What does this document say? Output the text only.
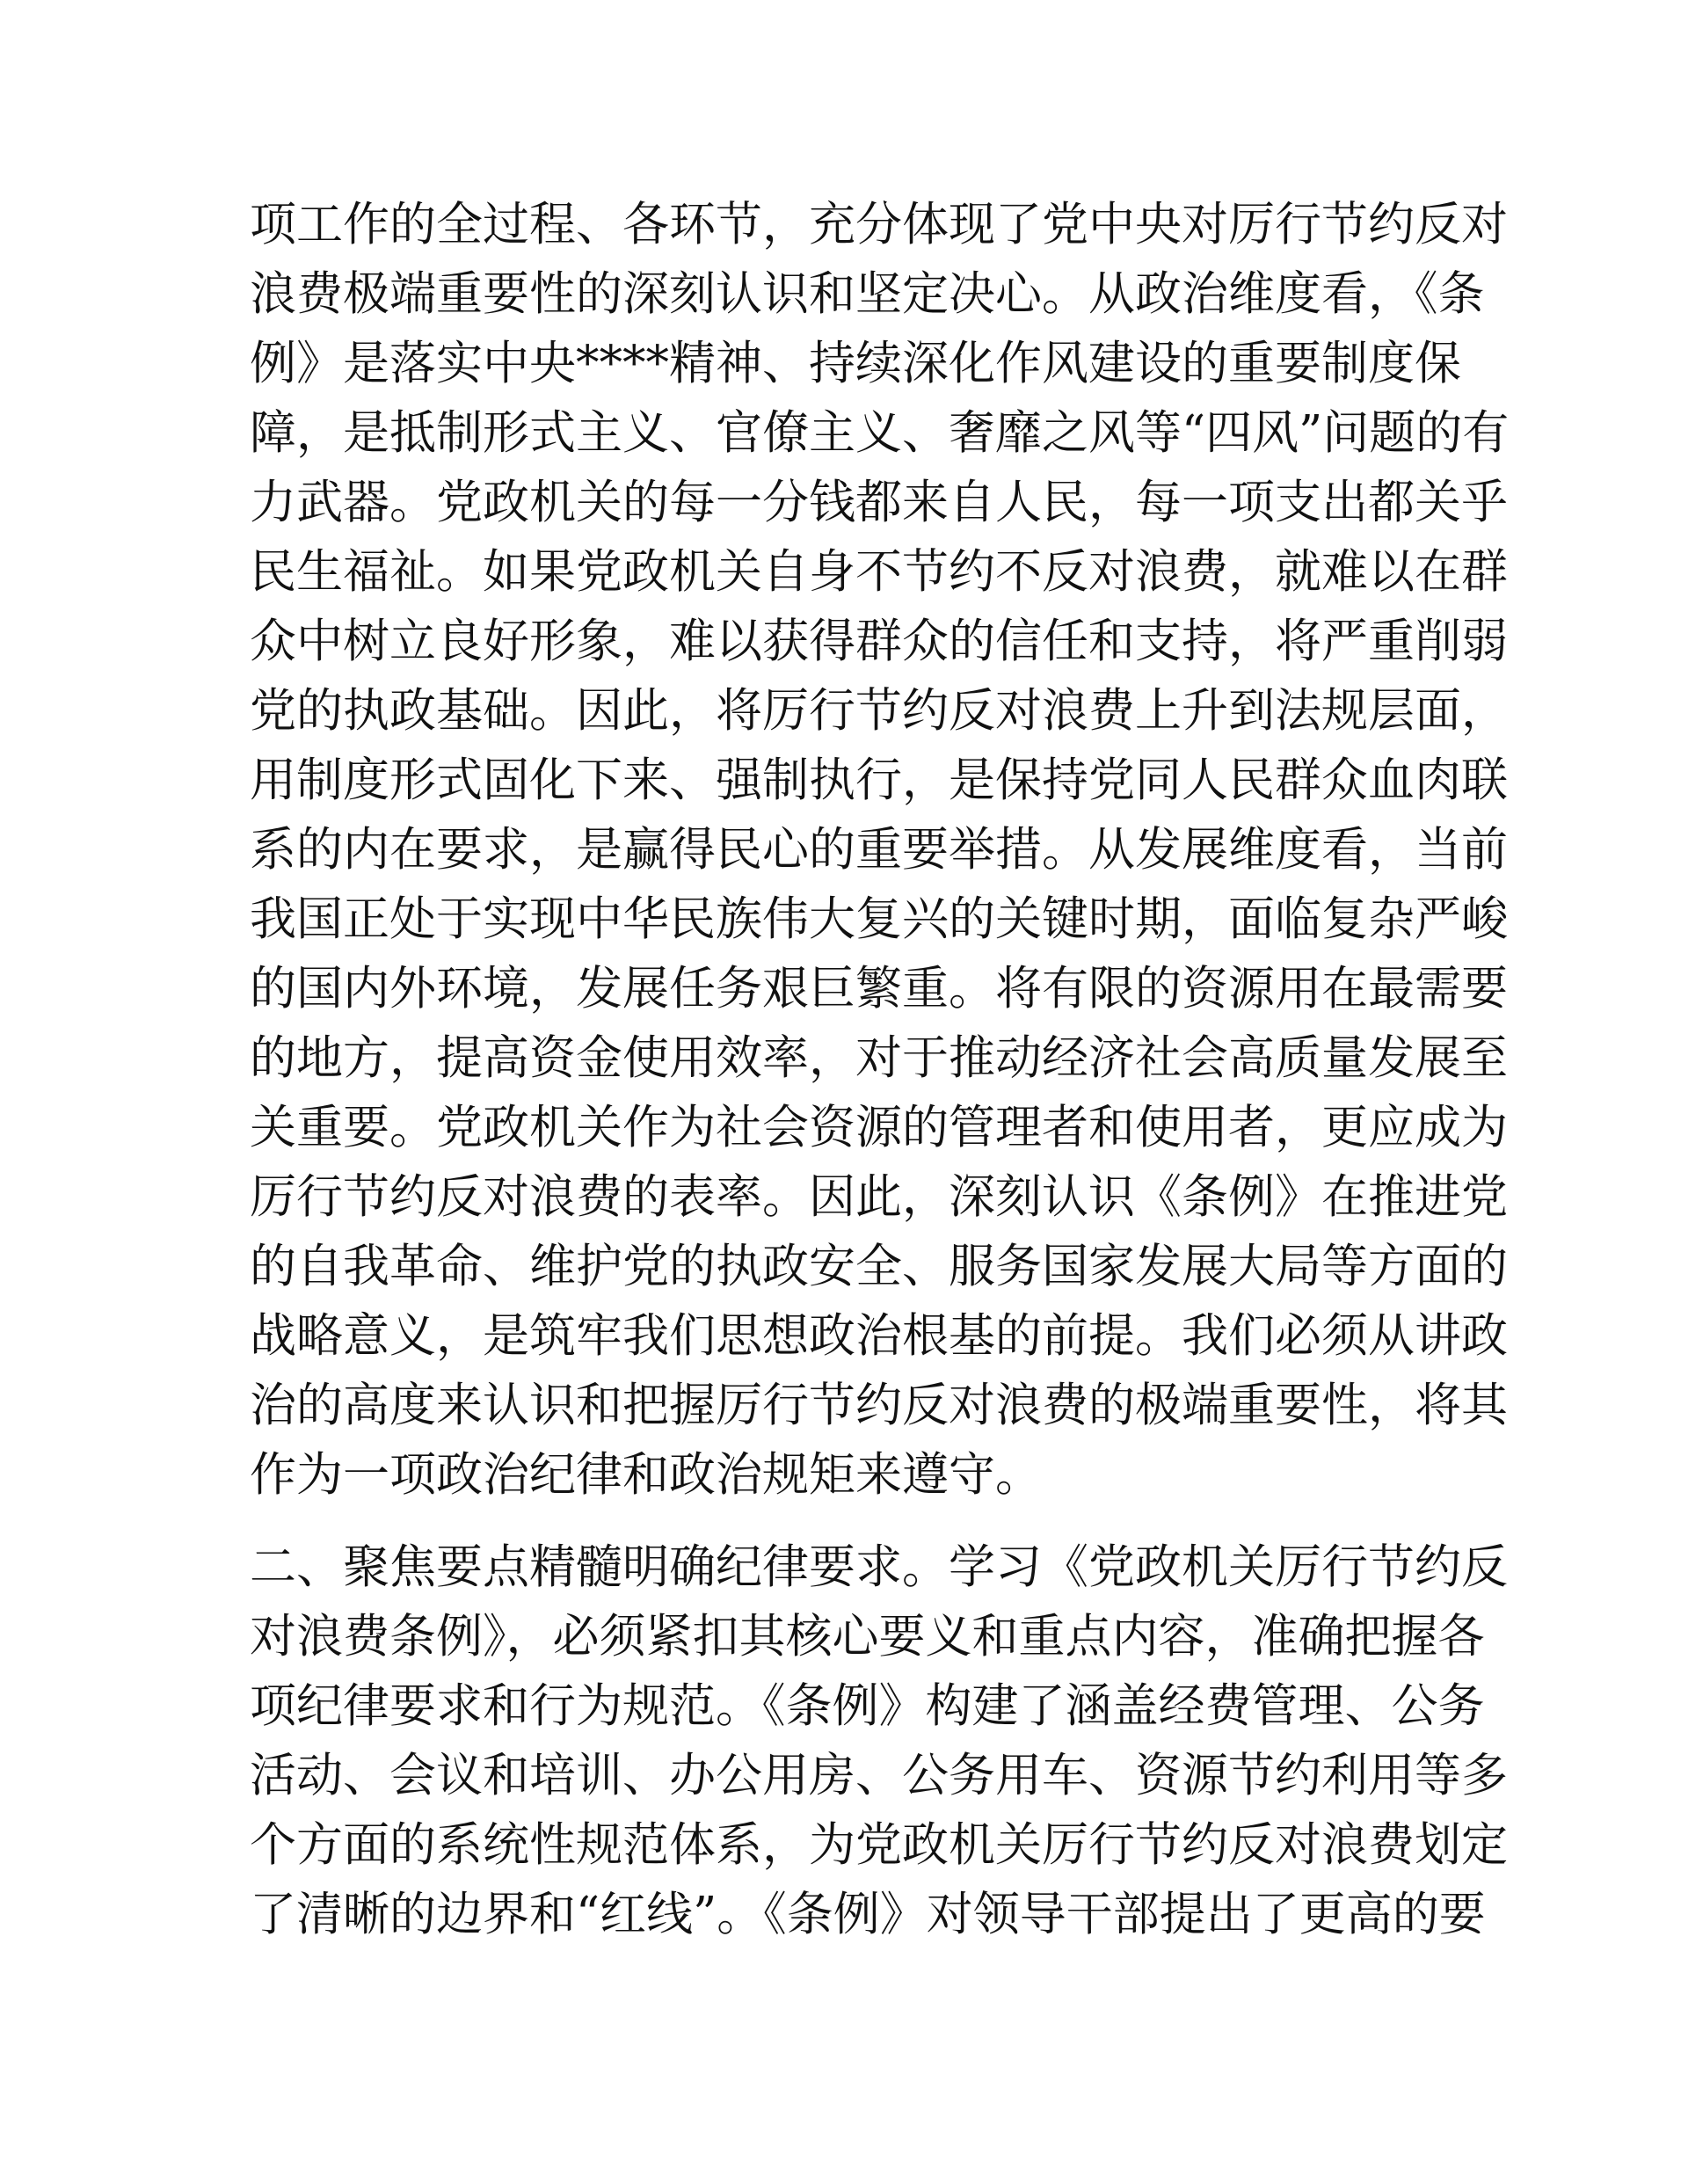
项工作的全过程、各环节，充分体现了党中央对厉行节约反对
浪费极端重要性的深刻认识和坚定决心。从政治维度看，《条
例》是落实中央****精神、持续深化作风建设的重要制度保
障，是抵制形式主义、官僚主义、奢靡之风等“四风”问题的有
力武器。党政机关的每一分钱都来自人民，每一项支出都关乎
民生福祉。如果党政机关自身不节约不反对浪费，就难以在群
众中树立良好形象，难以获得群众的信任和支持，将严重削弱
党的执政基础。因此，将厉行节约反对浪费上升到法规层面，
用制度形式固化下来、强制执行，是保持党同人民群众血肉联
系的内在要求，是赢得民心的重要举措。从发展维度看，当前
我国正处于实现中华民族伟大复兴的关键时期，面临复杂严峻
的国内外环境，发展任务艰巨繁重。将有限的资源用在最需要
的地方，提高资金使用效率，对于推动经济社会高质量发展至
关重要。党政机关作为社会资源的管理者和使用者，更应成为
厉行节约反对浪费的表率。因此，深刻认识《条例》在推进党
的自我革命、维护党的执政安全、服务国家发展大局等方面的
战略意义，是筑牢我们思想政治根基的前提。我们必须从讲政
治的高度来认识和把握厉行节约反对浪费的极端重要性，将其
作为一项政治纪律和政治规矩来遵守。
二、聚焦要点精髓明确纪律要求。学习《党政机关厉行节约反
对浪费条例》，必须紧扣其核心要义和重点内容，准确把握各
项纪律要求和行为规范。《条例》构建了涵盖经费管理、公务
活动、会议和培训、办公用房、公务用车、资源节约利用等多
个方面的系统性规范体系，为党政机关厉行节约反对浪费划定
了清晰的边界和“红线”。《条例》对领导干部提出了更高的要
